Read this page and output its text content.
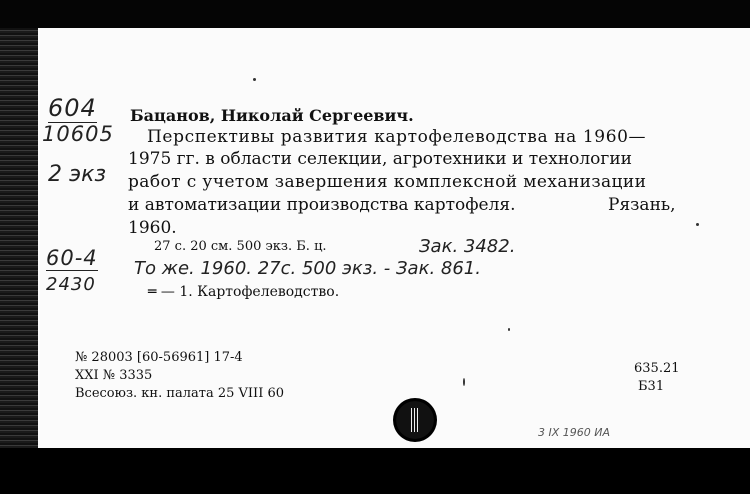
604
10605
2 экз
60-4
2430
Бацанов, Николай Сергеевич.
Перспективы развития картофелеводства на 1960—
1975 гг. в области селекции, агротехники и технологии
работ с учетом завершения комплексной механизации
и автоматизации производства картофеля.	Рязань,
1960.
27 с. 20 см. 500 экз. Б. ц.	Зак. 3482.
То же. 1960. 27с. 500 экз. - Зак. 861.
═ — 1. Картофелеводство.
№ 28003 [60-56961] 17-4
XXI № 3335
Всесоюз. кн. палата 25 VIII 60
635.21
Б31
3 IX 1960 ИА
